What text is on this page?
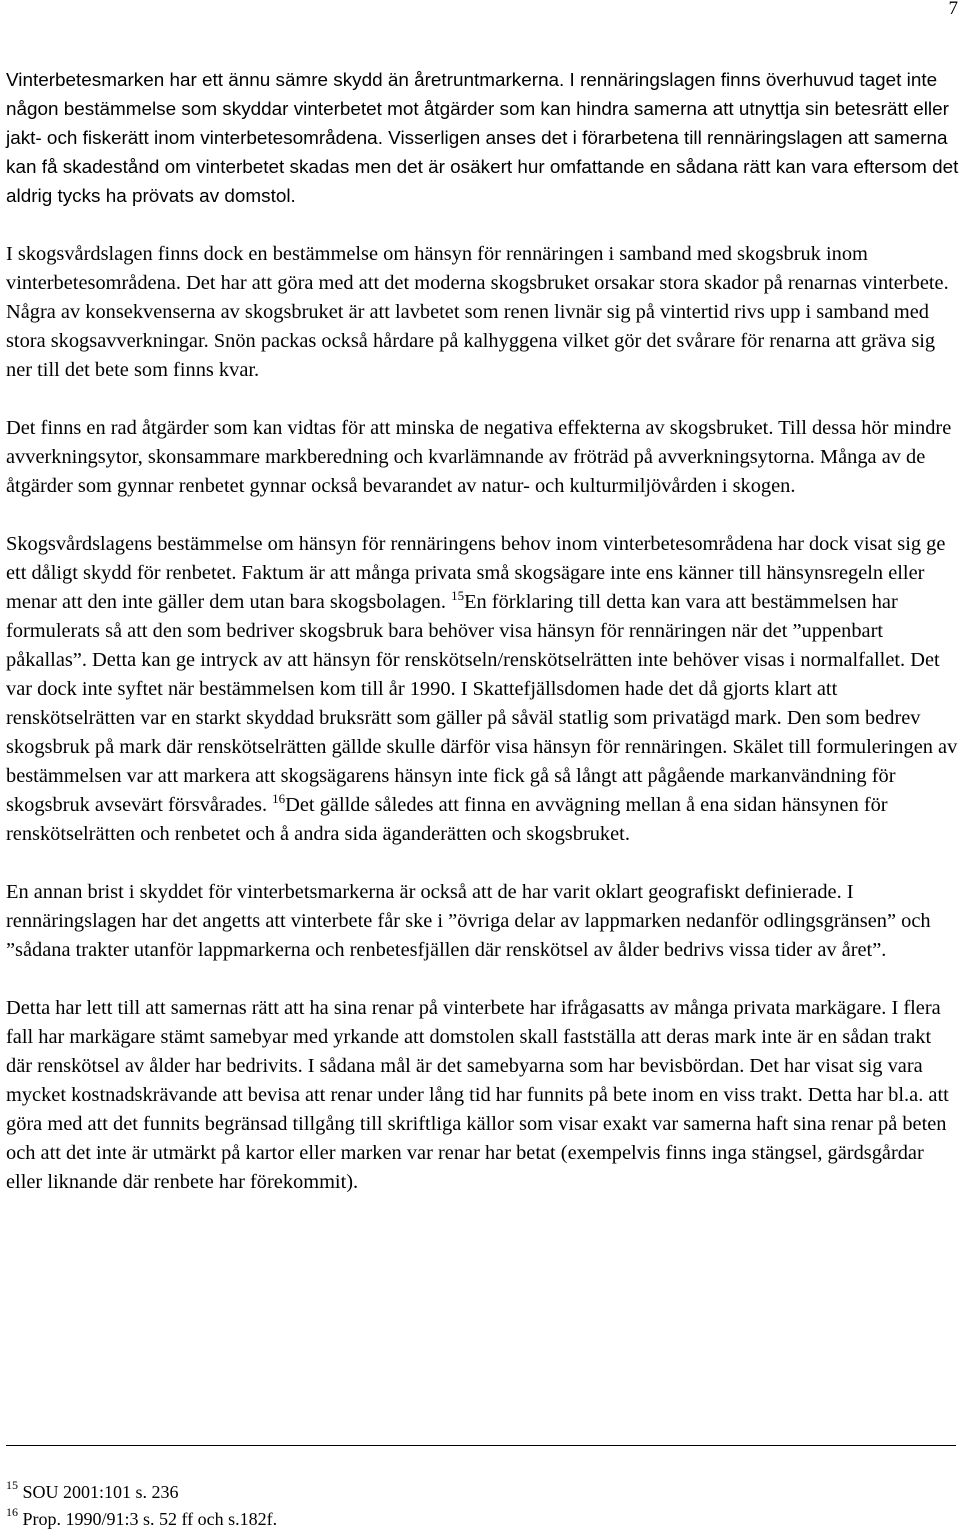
7

Vinterbetesmarken har ett ännu sämre skydd än åretruntmarkerna. I rennäringslagen finns överhuvud taget inte någon bestämmelse som skyddar vinterbetet mot åtgärder som kan hindra samerna att utnyttja sin betesrätt eller jakt- och fiskerätt inom vinterbetesområdena. Visserligen anses det i förarbetena till rennäringslagen att samerna kan få skadestånd om vinterbetet skadas men det är osäkert hur omfattande en sådana rätt kan vara eftersom det aldrig tycks ha prövats av domstol.

I skogsvårdslagen finns dock en bestämmelse om hänsyn för rennäringen i samband med skogsbruk inom vinterbetesområdena. Det har att göra med att det moderna skogsbruket orsakar stora skador på renarnas vinterbete. Några av konsekvenserna av skogsbruket är att lavbetet som renen livnär sig på vintertid rivs upp i samband med stora skogsavverkningar. Snön packas också hårdare på kalhyggena vilket gör det svårare för renarna att gräva sig ner till det bete som finns kvar.

Det finns en rad åtgärder som kan vidtas för att minska de negativa effekterna av skogsbruket. Till dessa hör mindre avverkningsytor, skonsammare markberedning och kvarlämnande av fröträd på avverkningsytorna. Många av de åtgärder som gynnar renbetet gynnar också bevarandet av natur- och kulturmiljövården i skogen.

Skogsvårdslagens bestämmelse om hänsyn för rennäringens behov inom vinterbetesområdena har dock visat sig ge ett dåligt skydd för renbetet. Faktum är att många privata små skogsägare inte ens känner till hänsynsregeln eller menar att den inte gäller dem utan bara skogsbolagen. $^{15}$En förklaring till detta kan vara att bestämmelsen har formulerats så att den som bedriver skogsbruk bara behöver visa hänsyn för rennäringen när det ”uppenbart påkallas”. Detta kan ge intryck av att hänsyn för renskötseln/renskötselrätten inte behöver visas i normalfallet. Det var dock inte syftet när bestämmelsen kom till år 1990. I Skattefjällsdomen hade det då gjorts klart att renskötselrätten var en starkt skyddad bruksrätt som gäller på såväl statlig som privatägd mark. Den som bedrev skogsbruk på mark där renskötselrätten gällde skulle därför visa hänsyn för rennäringen. Skälet till formuleringen av bestämmelsen var att markera att skogsägarens hänsyn inte fick gå så långt att pågående markanvändning för skogsbruk avsevärt försvårades. $^{16}$Det gällde således att finna en avvägning mellan å ena sidan hänsynen för renskötselrätten och renbetet och å andra sida äganderätten och skogsbruket.

En annan brist i skyddet för vinterbetsmarkerna är också att de har varit oklart geografiskt definierade. I rennäringslagen har det angetts att vinterbete får ske i ”övriga delar av lappmarken nedanför odlingsgränsen” och ”sådana trakter utanför lappmarkerna och renbetesfjällen där renskötsel av ålder bedrivs vissa tider av året”.

Detta har lett till att samernas rätt att ha sina renar på vinterbete har ifrågasatts av många privata markägare. I flera fall har markägare stämt samebyar med yrkande att domstolen skall fastställa att deras mark inte är en sådan trakt där renskötsel av ålder har bedrivits. I sådana mål är det samebyarna som har bevisbördan. Det har visat sig vara mycket kostnadskrävande att bevisa att renar under lång tid har funnits på bete inom en viss trakt. Detta har bl.a. att göra med att det funnits begränsad tillgång till skriftliga källor som visar exakt var samerna haft sina renar på beten och att det inte är utmärkt på kartor eller marken var renar har betat (exempelvis finns inga stängsel, gärdsgårdar eller liknande där renbete har förekommit).

$^{15}$ SOU 2001:101 s. 236
$^{16}$ Prop. 1990/91:3 s. 52 ff och s.182f.
